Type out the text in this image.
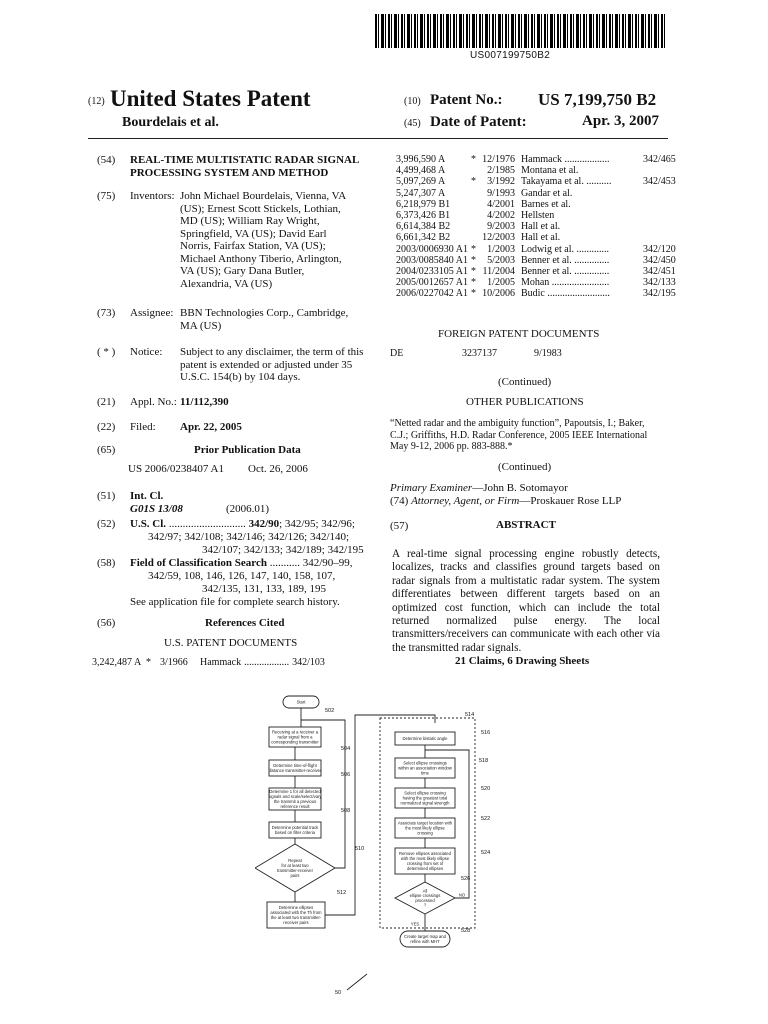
US007199750B2
(12) United States Patent
Bourdelais et al.
(10) Patent No.: US 7,199,750 B2
(45) Date of Patent:	Apr. 3, 2007
(54) REAL-TIME MULTISTATIC RADAR SIGNAL
PROCESSING SYSTEM AND METHOD
(75) Inventors: John Michael Bourdelais, Vienna, VA
(US); Ernest Scott Stickels, Lothian,
MD (US); William Ray Wright,
Springfield, VA (US); David Earl
Norris, Fairfax Station, VA (US);
Michael Anthony Tiberio, Arlington,
VA (US); Gary Dana Butler,
Alexandria, VA (US)
(73) Assignee: BBN Technologies Corp., Cambridge,
MA (US)
( * ) Notice: Subject to any disclaimer, the term of this
patent is extended or adjusted under 35
U.S.C. 154(b) by 104 days.
(21) Appl. No.: 11/112,390
(22) Filed: Apr. 22, 2005
(65)	Prior Publication Data
US 2006/0238407 A1 Oct. 26, 2006
(51) Int. Cl.
G01S 13/08	(2006.01)
(52) U.S. Cl. ............................ 342/90; 342/95; 342/96;
342/97; 342/108; 342/146; 342/126; 342/140;
342/107; 342/133; 342/189; 342/195
(58) Field of Classification Search ........... 342/90–99,
342/59, 108, 146, 126, 147, 140, 158, 107,
342/135, 131, 133, 189, 195
See application file for complete search history.
(56)	References Cited
U.S. PATENT DOCUMENTS
3,242,487 A	*	3/1966	Hammack	..................	342/103
3,996,590 A	*	12/1976	Hammack ..................	342/465
4,499,468 A		2/1985	Montana et al.	
5,097,269 A	*	3/1992	Takayama et al. ..........	342/453
5,247,307 A		9/1993	Gandar et al.	
6,218,979 B1		4/2001	Barnes et al.	
6,373,426 B1		4/2002	Hellsten	
6,614,384 B2		9/2003	Hall et al.	
6,661,342 B2		12/2003	Hall et al.	
2003/0006930 A1	*	1/2003	Lodwig et al. .............	342/120
2003/0085840 A1	*	5/2003	Benner et al. ..............	342/450
2004/0233105 A1	*	11/2004	Benner et al. ..............	342/451
2005/0012657 A1	*	1/2005	Mohan .......................	342/133
2006/0227042 A1	*	10/2006	Budic .........................	342/195
FOREIGN PATENT DOCUMENTS
DE	3237137	9/1983
(Continued)
OTHER PUBLICATIONS
“Netted radar and the ambiguity function”, Papoutsis, I.; Baker,
C.J.; Griffiths, H.D. Radar Conference, 2005 IEEE International
May 9-12, 2006 pp. 883-888.*
(Continued)
Primary Examiner—John B. Sotomayor
(74) Attorney, Agent, or Firm—Proskauer Rose LLP
(57)	ABSTRACT
A real-time signal processing engine robustly detects, localizes, tracks and classifies ground targets based on radar signals from a multistatic radar system. The system differentiates between different targets based on an optimized cost function, which can include the total returned normalized pulse energy. The local transmitters/receivers can communicate with each other via the transmitted radar signals.
21 Claims, 6 Drawing Sheets
Start
Receiving at a receiver a
radar signal from a
corresponding transmitter
Determine time-of-flight
distance transmitter-receiver
Determine 1 for all detected
signals and scale/select/vary
the transmit a previous
reference result
Determine potential track
based on filter criteria
Repeat
for at least two
transmitter-receiver
pairs
Determine ellipses
associated with the Th from
the at least two transmitter-
receiver pairs
Determine bistatic angle
Select ellipse crossings
within an association window
time
Select ellipse crossing
having the greatest total
normalized signal strength
Associate target location with
the most likely ellipse
crossing
Remove ellipses associated
with the most likely ellipse
crossing from set of
determined ellipses
All
ellipse crossings
processed
?
Create target map and
refine with MHT
NO
YES
502
504
506
508
510
512
514
516
518
520
522
524
526
528
50
